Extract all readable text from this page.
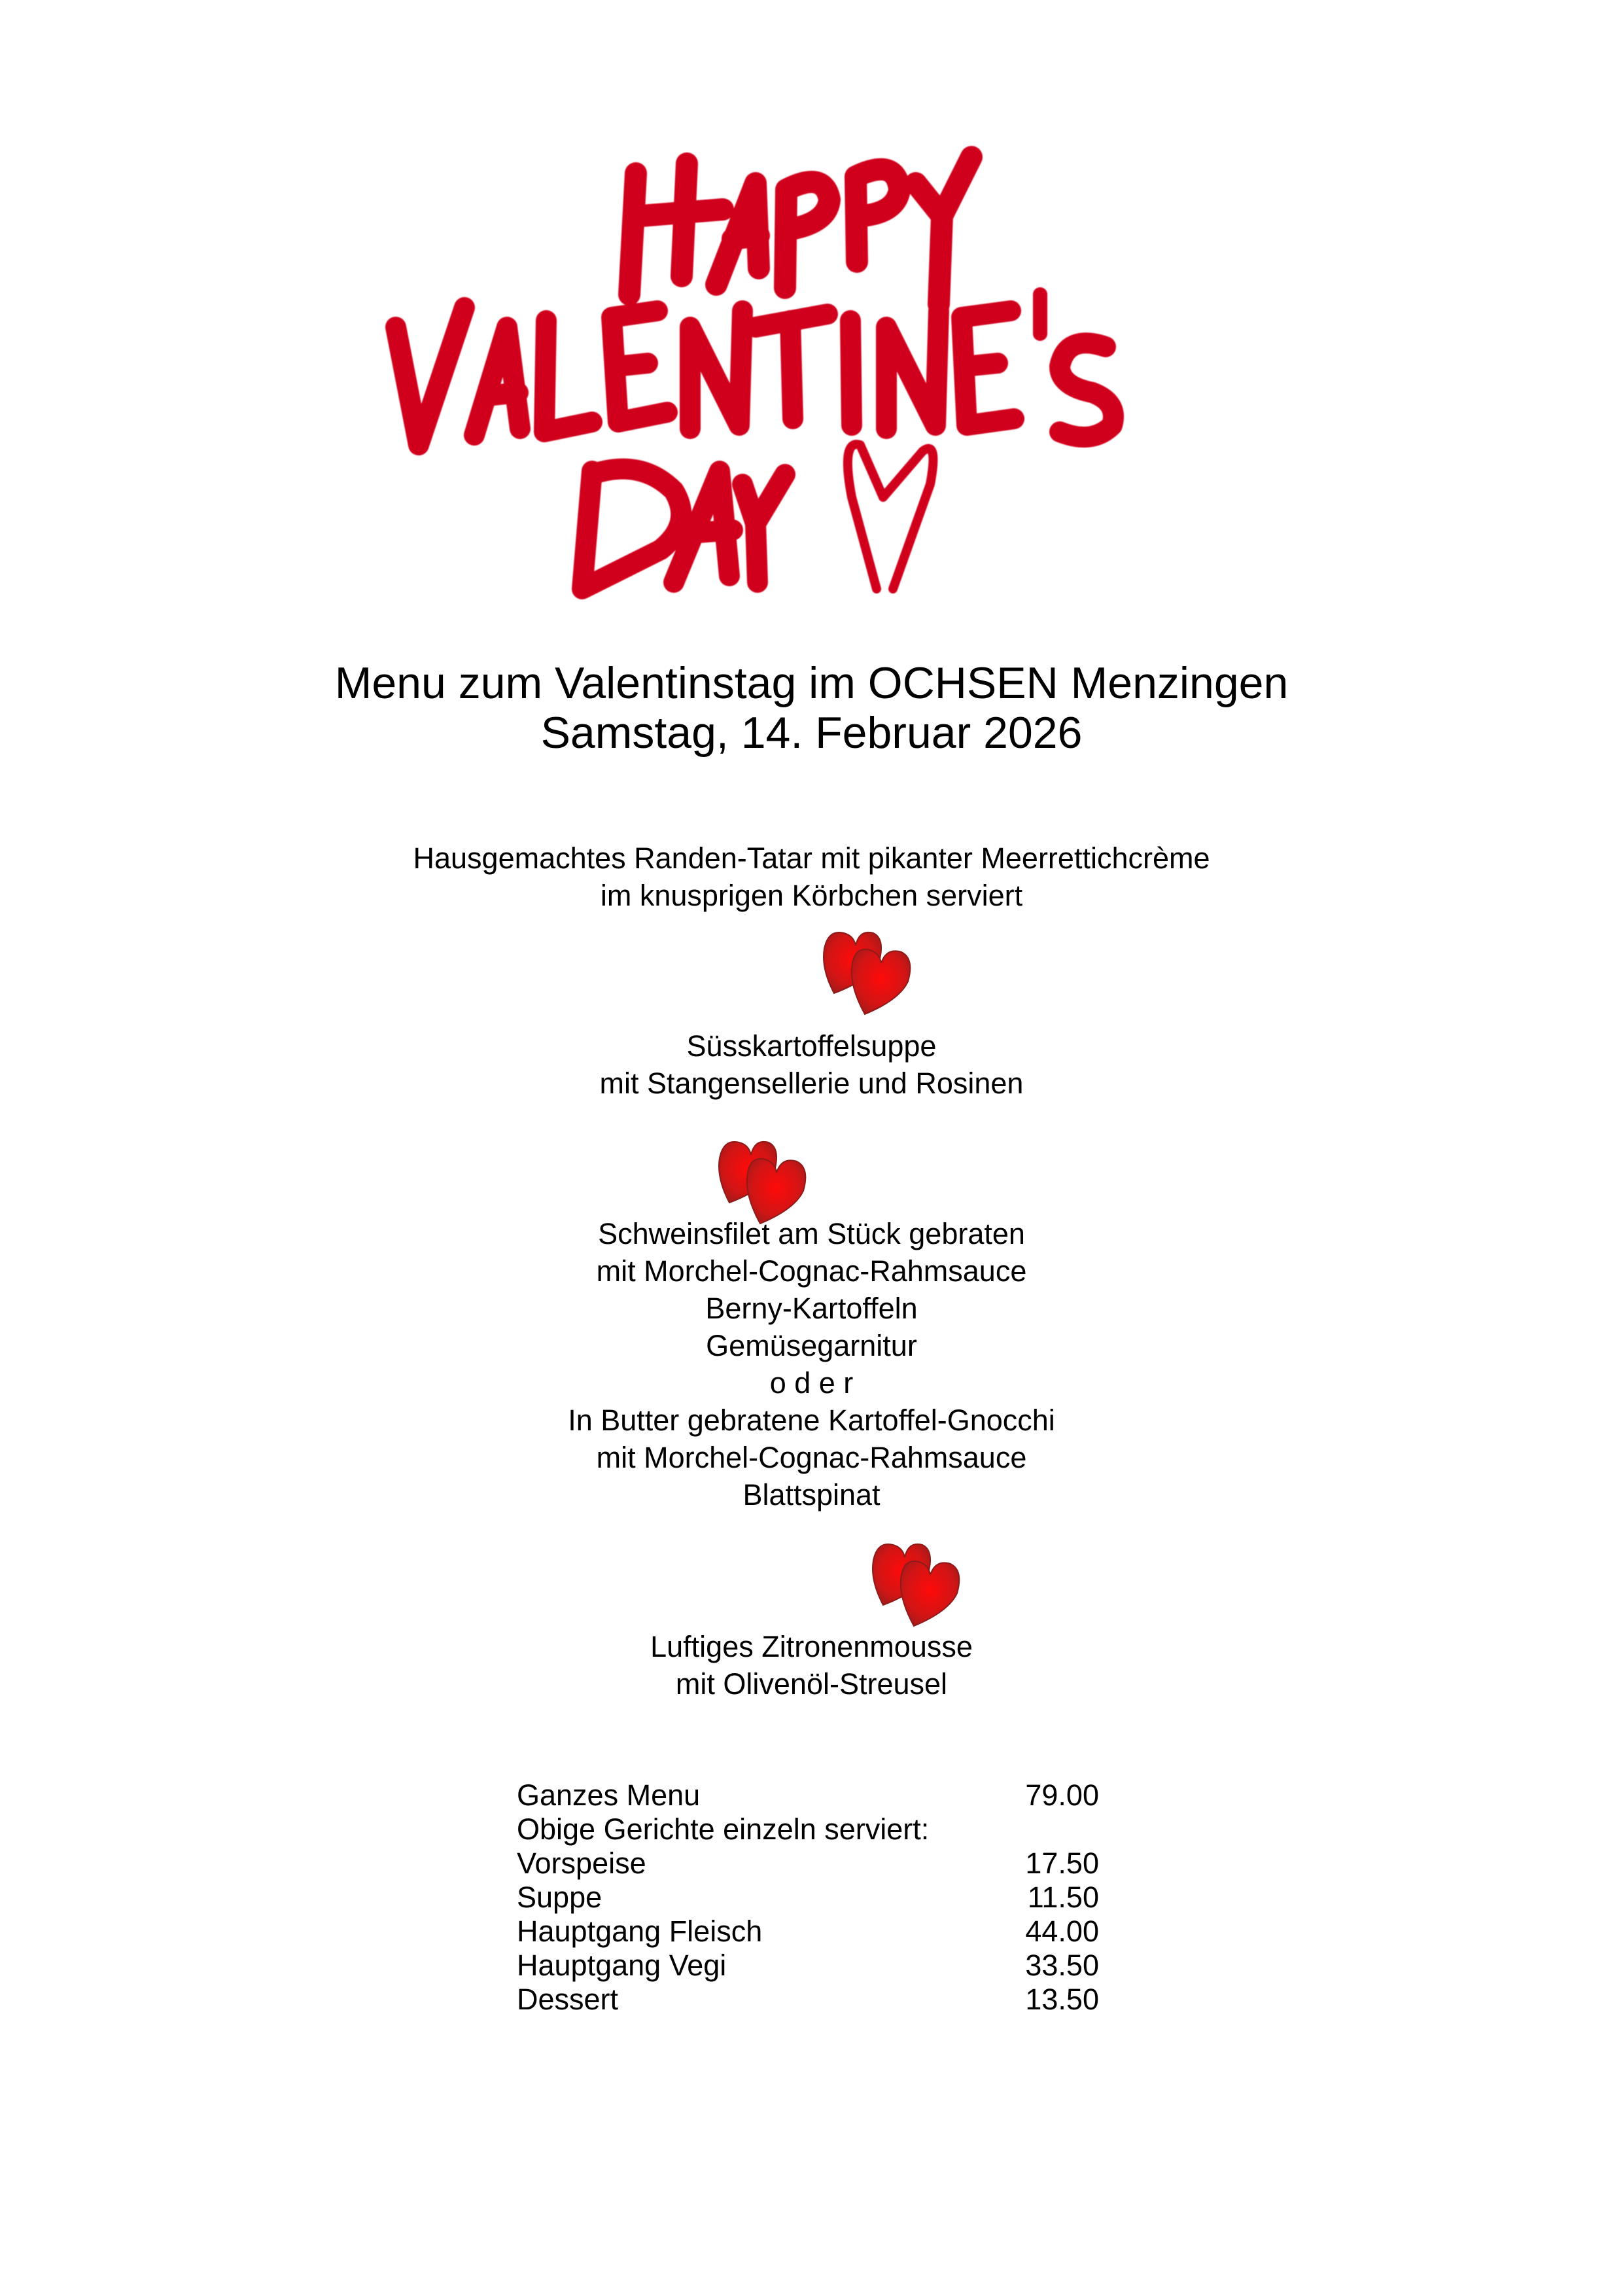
Menu zum Valentinstag im OCHSEN Menzingen
Samstag, 14. Februar 2026
Hausgemachtes Randen-Tatar mit pikanter Meerrettichcrème
im knusprigen Körbchen serviert
Süsskartoffelsuppe
mit Stangensellerie und Rosinen
Schweinsfilet am Stück gebraten
mit Morchel-Cognac-Rahmsauce
Berny-Kartoffeln
Gemüsegarnitur
o d e r
In Butter gebratene Kartoffel-Gnocchi
mit Morchel-Cognac-Rahmsauce
Blattspinat
Luftiges Zitronenmousse
mit Olivenöl-Streusel
Ganzes Menu	79.00
Obige Gerichte einzeln serviert:
Vorspeise	17.50
Suppe	11.50
Hauptgang Fleisch	44.00
Hauptgang Vegi	33.50
Dessert	13.50
